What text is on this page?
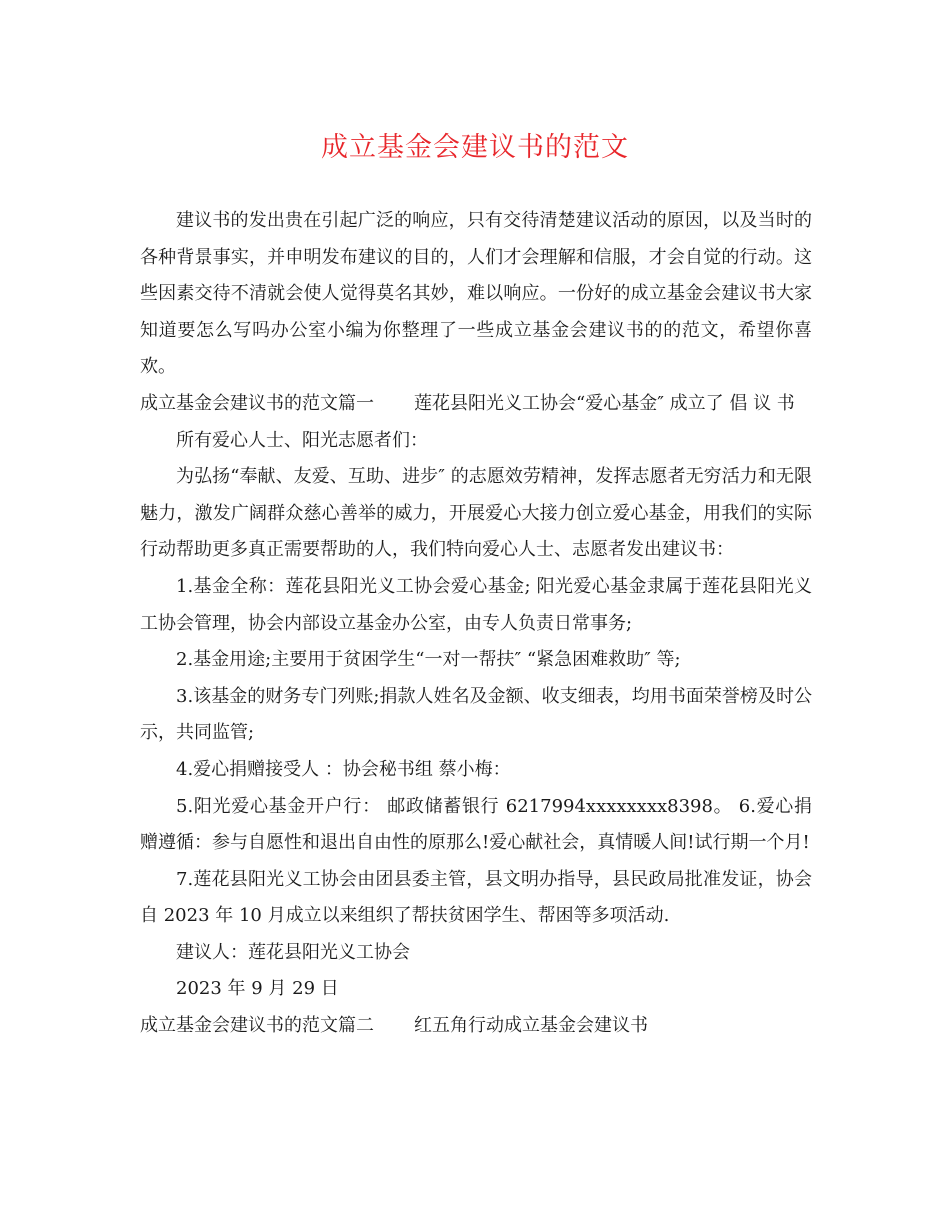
成立基金会建议书的范文

建议书的发出贵在引起广泛的响应，只有交待清楚建议活动的原因，以及当时的各种背景事实，并申明发布建议的目的，人们才会理解和信服，才会自觉的行动。这些因素交待不清就会使人觉得莫名其妙，难以响应。一份好的成立基金会建议书大家知道要怎么写吗办公室小编为你整理了一些成立基金会建议书的的范文，希望你喜欢。

成立基金会建议书的范文篇一 莲花县阳光义工协会“爱心基金″ 成立了 倡 议 书

所有爱心人士、阳光志愿者们：

为弘扬“奉献、友爱、互助、进步″ 的志愿效劳精神，发挥志愿者无穷活力和无限魅力，激发广阔群众慈心善举的威力，开展爱心大接力创立爱心基金，用我们的实际行动帮助更多真正需要帮助的人，我们特向爱心人士、志愿者发出建议书：

1.基金全称：莲花县阳光义工协会爱心基金; 阳光爱心基金隶属于莲花县阳光义工协会管理，协会内部设立基金办公室，由专人负责日常事务;

2.基金用途;主要用于贫困学生“一对一帮扶″ “紧急困难救助″ 等;

3.该基金的财务专门列账;捐款人姓名及金额、收支细表，均用书面荣誉榜及时公示，共同监管;

4.爱心捐赠接受人 ：协会秘书组 蔡小梅：

5.阳光爱心基金开户行： 邮政储蓄银行 6217994xxxxxxxx8398。 6.爱心捐赠遵循：参与自愿性和退出自由性的原那么!爱心献社会，真情暖人间!试行期一个月!

7.莲花县阳光义工协会由团县委主管，县文明办指导，县民政局批准发证，协会自 2023 年 10 月成立以来组织了帮扶贫困学生、帮困等多项活动.

建议人：莲花县阳光义工协会

2023 年 9 月 29 日

成立基金会建议书的范文篇二 红五角行动成立基金会建议书
